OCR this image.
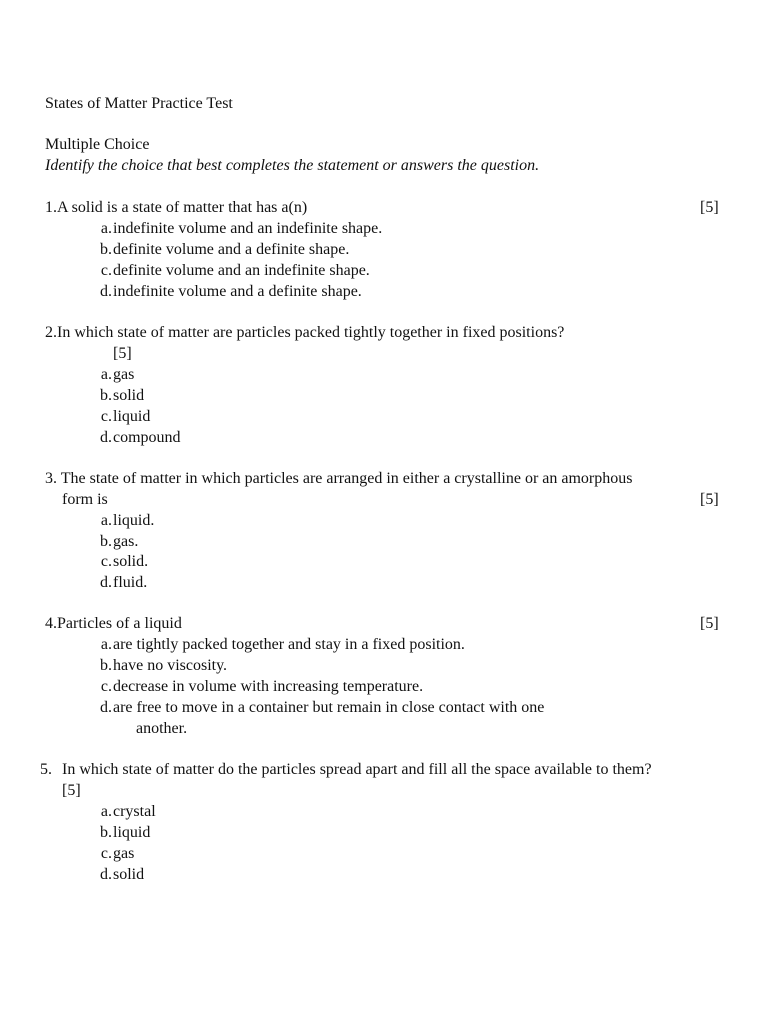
States of Matter Practice Test
Multiple Choice
Identify the choice that best completes the statement or answers the question.
1.A solid is a state of matter that has a(n)	[5]
a. indefinite volume and an indefinite shape.
b. definite volume and a definite shape.
c. definite volume and an indefinite shape.
d. indefinite volume and a definite shape.
2.In which state of matter are particles packed tightly together in fixed positions?
[5]
a. gas
b. solid
c. liquid
d. compound
3. The state of matter in which particles are arranged in either a crystalline or an amorphous
form is	[5]
a. liquid.
b. gas.
c. solid.
d. fluid.
4.Particles of a liquid	[5]
a. are tightly packed together and stay in a fixed position.
b. have no viscosity.
c. decrease in volume with increasing temperature.
d. are free to move in a container but remain in close contact with one
another.
5. In which state of matter do the particles spread apart and fill all the space available to them?
[5]
a. crystal
b. liquid
c. gas
d. solid
